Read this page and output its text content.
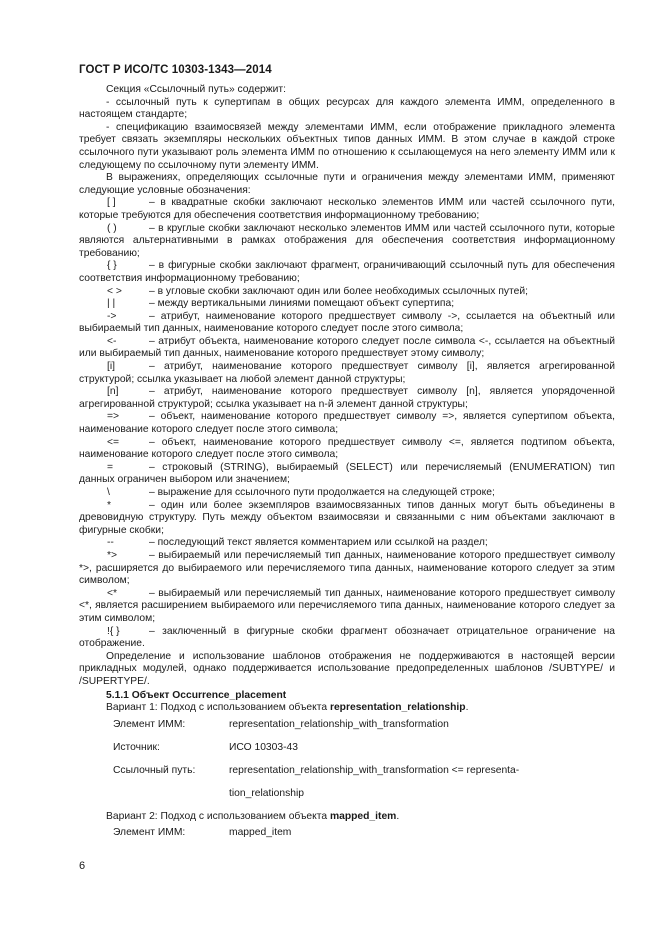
ГОСТ Р ИСО/ТС 10303-1343—2014

Секция «Ссылочный путь» содержит:

- ссылочный путь к супертипам в общих ресурсах для каждого элемента ИММ, определенного в настоящем стандарте;

- спецификацию взаимосвязей между элементами ИММ, если отображение прикладного элемента требует связать экземпляры нескольких объектных типов данных ИММ. В этом случае в каждой строке ссылочного пути указывают роль элемента ИММ по отношению к ссылающемуся на него элементу ИММ или к следующему по ссылочному пути элементу ИММ.

В выражениях, определяющих ссылочные пути и ограничения между элементами ИММ, применяют следующие условные обозначения:

[ ]	– в квадратные скобки заключают несколько элементов ИММ или частей ссылочного пути, которые требуются для обеспечения соответствия информационному требованию;

( )	– в круглые скобки заключают несколько элементов ИММ или частей ссылочного пути, которые являются альтернативными в рамках отображения для обеспечения соответствия информационному требованию;

{ }	– в фигурные скобки заключают фрагмент, ограничивающий ссылочный путь для обеспечения соответствия информационному требованию;

< >	– в угловые скобки заключают один или более необходимых ссылочных путей;

| |	– между вертикальными линиями помещают объект супертипа;

->	– атрибут, наименование которого предшествует символу ->, ссылается на объектный или выбираемый тип данных, наименование которого следует после этого символа;

<-	– атрибут объекта, наименование которого следует после символа <-, ссылается на объектный или выбираемый тип данных, наименование которого предшествует этому символу;

[i]	– атрибут, наименование которого предшествует символу [i], является агрегированной структурой; ссылка указывает на любой элемент данной структуры;

[n]	– атрибут, наименование которого предшествует символу [n], является упорядоченной агрегированной структурой; ссылка указывает на n-й элемент данной структуры;

=>	– объект, наименование которого предшествует символу =>, является супертипом объекта, наименование которого следует после этого символа;

<=	– объект, наименование которого предшествует символу <=, является подтипом объекта, наименование которого следует после этого символа;

=	– строковый (STRING), выбираемый (SELECT) или перечисляемый (ENUMERATION) тип данных ограничен выбором или значением;

\	– выражение для ссылочного пути продолжается на следующей строке;

*	– один или более экземпляров взаимосвязанных типов данных могут быть объединены в древовидную структуру. Путь между объектом взаимосвязи и связанными с ним объектами заключают в фигурные скобки;

--	– последующий текст является комментарием или ссылкой на раздел;

*>	– выбираемый или перечисляемый тип данных, наименование которого предшествует символу *>, расширяется до выбираемого или перечисляемого типа данных, наименование которого следует за этим символом;

<*	– выбираемый или перечисляемый тип данных, наименование которого предшествует символу <*, является расширением выбираемого или перечисляемого типа данных, наименование которого следует за этим символом;

!{ }	– заключенный в фигурные скобки фрагмент обозначает отрицательное ограничение на отображение.

Определение и использование шаблонов отображения не поддерживаются в настоящей версии прикладных модулей, однако поддерживается использование предопределенных шаблонов /SUBTYPE/ и /SUPERTYPE/.

5.1.1 Объект Occurrence_placement

Вариант 1: Подход с использованием объекта representation_relationship.

Элемент ИММ:	representation_relationship_with_transformation
Источник:	ИСО 10303-43
Ссылочный путь:	representation_relationship_with_transformation <= representa-
tion_relationship

Вариант 2: Подход с использованием объекта mapped_item.

Элемент ИММ:	mapped_item
6
